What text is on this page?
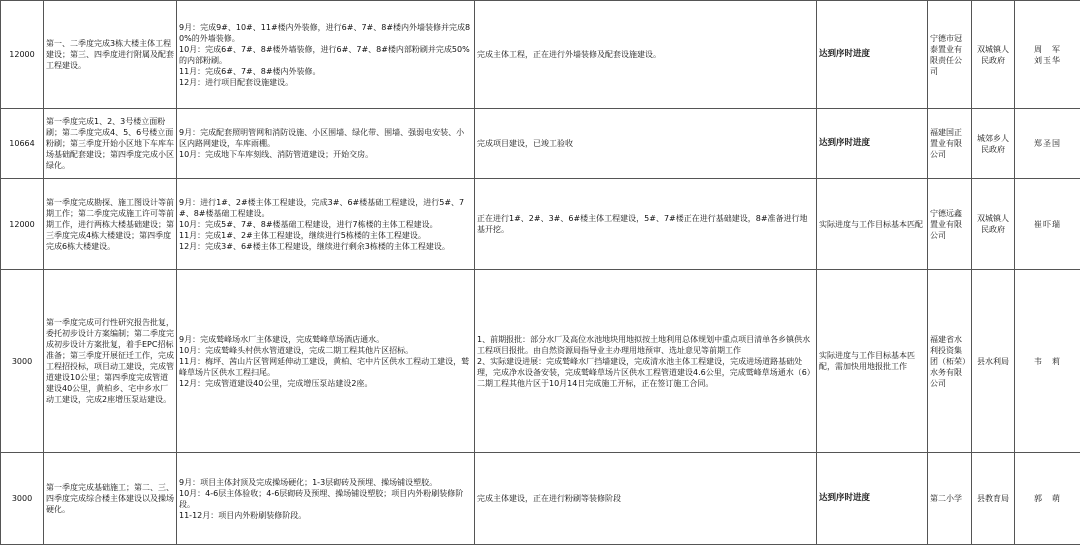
12000	第一、二季度完成3栋大楼主体工程建设；第三、四季度进行附属及配套工程建设。	9月：完成9#、10#、11#楼内外装修，进行6#、7#、8#楼内外墙装修并完成80%的外墙装修。
10月：完成6#、7#、8#楼外墙装修，进行6#、7#、8#楼内部粉刷并完成50%的内部粉刷。
11月：完成6#、7#、8#楼内外装修。
12月：进行项目配套设施建设。	完成主体工程，正在进行外墙装修及配套设施建设。	达到序时进度	宁德市冠泰置业有限责任公司	双城镇人民政府	周　军
刘玉华
10664	第一季度完成1、2、3号楼立面粉刷；第二季度完成4、5、6号楼立面粉刷；第三季度开始小区地下车库车场基础配套建设；第四季度完成小区绿化。	9月：完成配套照明管网和消防设施、小区围墙、绿化带、围墙、强弱电安装、小区内路网建设，车库雨棚。
10月：完成地下车库刻线、消防管道建设；开始交房。	完成项目建设，已竣工验收	达到序时进度	福建国正置业有限公司	城郊乡人民政府	郑圣国
12000	第一季度完成勘探、施工图设计等前期工作；第二季度完成施工许可等前期工作，进行两栋大楼基础建设；第三季度完成4栋大楼建设；第四季度完成6栋大楼建设。	9月：进行1#、2#楼主体工程建设，完成3#、6#楼基础工程建设，进行5#、7#、8#楼基础工程建设。
10月：完成5#、7#、8#楼基础工程建设，进行7栋楼的主体工程建设。
11月：完成1#、2#主体工程建设，继续进行5栋楼的主体工程建设。
12月：完成3#、6#楼主体工程建设，继续进行剩余3栋楼的主体工程建设。	正在进行1#、2#、3#、6#楼主体工程建设，5#、7#楼正在进行基础建设，8#准备进行地基开挖。	实际进度与工作目标基本匹配	宁德远鑫置业有限公司	双城镇人民政府	崔吓瑞
3000	第一季度完成可行性研究报告批复，委托初步设计方案编制；第二季度完成初步设计方案批复，着手EPC招标准备；第三季度开展征迁工作，完成工程招投标，项目动工建设，完成管道建设10公里；第四季度完成管道建设40公里，黄柏乡、宅中乡水厂动工建设，完成2座增压泵站建设。	9月：完成鹫峰场水厂主体建设，完成鹫峰草场酒店通水。
10月：完成鹫峰头村供水管道建设，完成二期工程其他片区招标。
11月：梅坪、茜山片区管网延伸动工建设，黄柏、宅中片区供水工程动工建设，鹫峰草场片区供水工程扫尾。
12月：完成管道建设40公里，完成增压泵站建设2座。	1、前期报批：部分水厂及高位水池地块用地拟按土地利用总体规划中重点项目清单各乡镇供水工程项目报批。由自然资源局指导业主办理用地预审、选址意见等前期工作
2、实际建设进展：完成鹫峰水厂挡墙建设，完成清水池主体工程建设，完成进场道路基础处理，完成净水设备安装，完成鹫峰草场片区供水工程管道建设4.6公里，完成鹫峰草场通水（6）二期工程其他片区于10月14日完成施工开标，正在签订施工合同。	实际进度与工作目标基本匹配，需加快用地报批工作	福建省水利投资集团（柘荣）水务有限公司	县水利局	韦　莉
3000	第一季度完成基础施工；第二、三、四季度完成综合楼主体建设以及操场硬化。	9月：项目主体封顶及完成操场硬化；1-3层砌砖及预埋、操场铺设塑胶。
10月：4-6层主体验收；4-6层砌砖及预埋、操场铺设塑胶；项目内外粉刷装修阶段。
11-12月：项目内外粉刷装修阶段。	完成主体建设，正在进行粉刷等装修阶段	达到序时进度	第二小学	县教育局	郭　萌
